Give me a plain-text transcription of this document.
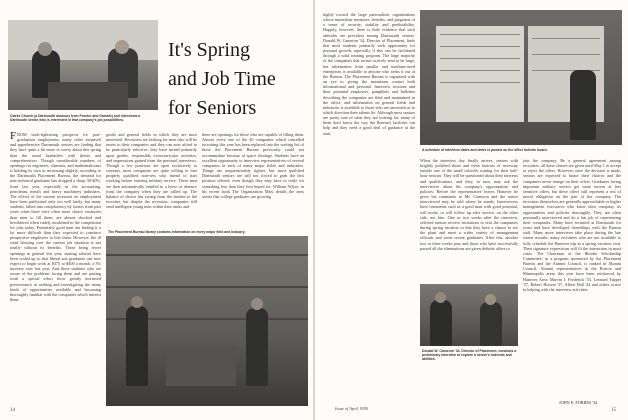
Clarke Church (a Dartmouth alumnus from Procter and Gamble) and interviews a Dartmouth senior who is interested in that company's job possibilities.
It's Spring
and Job Time
for Seniors
F ROM sixth-tightening prospects for post-graduation employment, many other surprised and apprehensive Dartmouth seniors are finding that they have quite a bit more to worry about this spring than the usual headaches with theses and comprehensives. Though considerable numbers of openings for engineers, chemists, and mathematicians is holding its own or increasing slightly, according to the Dartmouth Placement Bureau, the demand for non-technical graduates has dropped a sharp 30-40%, from last year, especially in the accounting, petroleum, metals and heavy machinery industries. The effects of the current recession on employment have been publicized only too well lately, but many students, lulled into complacency by stories from past years when there were often more choice vacancies than men to fill them, are almost shocked and bewildered when rudely awakened to the competition for jobs today. Potentially good men are finding it a lot more difficult than they expected to convince prospective employers to hire them. However, the ill wind blowing over the current job situation is not totally without its benefits. Those being fewer openings in general this year, starting salaries have been scaled up so that liberal arts graduates can now expect to begin work at $375 to $400 a month, a 3% increase over last year. And those students who are aware of the problems facing them and are putting forth a special effort show greatly increased perseverance in seeking and investigating the many kinds of opportunities available and becoming thoroughly familiar with the companies which interest them.
goods and general fields in which they are most interested. Recruiters are looking for men who will be assets to their companies and they can now afford to be particularly selective; they have turned primarily upon grades, responsible extracurricular activities, and impressions gained from the personal interviews. Though a few positions are open exclusively to veterans, most companies are quite willing to hire properly qualified non-vets who intend to start working before entering military service. These men are then automatically entitled to a leave of absence from the company when they are called up. The balance of choice has swung from the student to the recruiter, but despite the recession, companies still send intelligent young men within their ranks and
there are openings for those who are capable of filling them. Almost every one of the 40 companies which cancelled recruiting this year has been replaced into the waiting list of those the Placement Bureau previously could not accommodate because of space shortage. Students have an excellent opportunity to interview representatives of several companies in each of many major fields and industries. Things are unquestionably tighter, but most qualified Dartmouth seniors are still not forced to grab the first position offered, even though they may have to settle for something less than they first hoped for. William Wlyer, in his recent book The Organization Man, details the ones senior that college graduates are growing
The Placement Bureau library contains information on every major field and industry.
14
highly toward the large paternalistic organizations whose immediate measures, benefits, and programs of a sense of security, stability and predictability. Happily, however, there is little evidence that such attitudes are prevalent among Dartmouth seniors. Donald W. Cameron '34, Director of Placement, finds that most students primarily seek opportunity for personal growth, especially if this can be facilitated through a solid training program. The large majority of the companies that recruit actively tend to be large, but information from smaller and medium-sized enterprises is available to anyone who seeks it out at the Bureau. The Placement Bureau is organized with an eye to giving the maximum contact both informational and personal. Interview sessions and their potential employers, pamphlets and bulletins describing the companies are filed and maintained in the office, and information on general fields and industries is available to those who are uncertain as to which direction their talents lie. Although most seniors are pretty sure of what they are looking for, many of them don't know the way the Bureau's facilities can help and they need a good deal of guidance at the start.
A schedule of interview dates and times is posted on the office bulletin board.
When the interview day finally arrives, seniors with brightly polished shoes and fresh haircuts of necessity outside one of the small cubicles waiting for their half-hour session. They will be questioned about their interests and qualifications, and they, in turn, may ask the interviewer about his company's opportunities and policies. Before the representative leaves Hanover he gives his comments to Mr. Cameron and the senior interviewed may be told where he stands. Interviewers have comments such as a good man with good potential, will invite, or will follow up after service, on the other side, not hire. One or two weeks after the interview, selected seniors receive invitations to visit the companies during spring vacation so that they have a chance to see the plant and meet a wider variety of management officials and some recent graduates. After this, another two or three weeks pass and those who have successfully passed all the eliminations are given definite offers to
join the company. Be a general agreement among recruiters, all these classes are given until May 1 to accept or reject the offers. However, once the decision is made, seniors are expected to honor their choices and the companies never renege on their offers. Graduates facing important military service get more moves at less sensitive offers, but these offers still represent a test of moral obligation on the part of the company. The recruiters themselves are generally approachable or higher management executives who know their company, its opportunities and policies thoroughly. They are often personally interviewed and do a fair job of representing their companies. Many have recruited at Dartmouth for years and have developed friendships with the Bureau staff. Many more interviews take place during the late winter months, many recruiters who are not available to fully schedule the Hanover trip as a spring vacation visit. Their signature expressions will fit the interaction in most cases. The Chairman of the Rhodes Scholarship Committee, in a program sponsored by the Placement Bureau and the Alumni Council, is ranked in Alumni Council. Alumni representatives in the Boston and Minneapolis areas this year have been reinforced by Hanover Area: Marvin J. Frederick '33, Leonard Tupper '37, Robert Hoover '37, Albert Hall '44 and others active in helping with the interview activities.
Donald W. Cameron '34, Director of Placement, conducts a preliminary interview to explore a senior's interests and abilities.
Issue of April 1958
JOHN E. FORBES '34
15
